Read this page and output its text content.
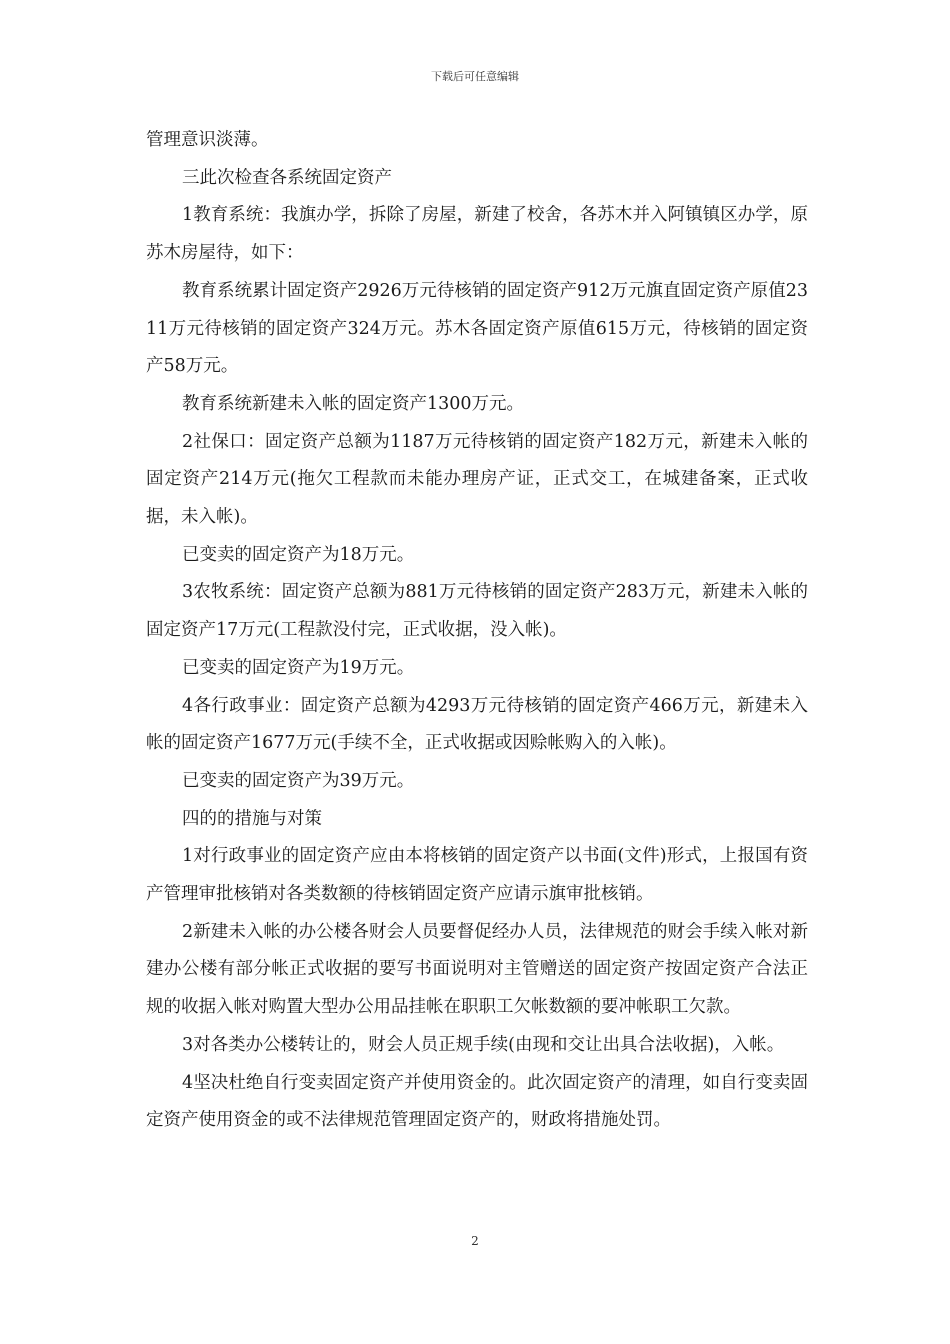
下载后可任意编辑

管理意识淡薄。

三此次检查各系统固定资产

1教育系统：我旗办学，拆除了房屋，新建了校舍，各苏木并入阿镇镇区办学，原苏木房屋待，如下：

教育系统累计固定资产2926万元待核销的固定资产912万元旗直固定资产原值2311万元待核销的固定资产324万元。苏木各固定资产原值615万元，待核销的固定资产58万元。

教育系统新建未入帐的固定资产1300万元。

2社保口：固定资产总额为1187万元待核销的固定资产182万元，新建未入帐的固定资产214万元(拖欠工程款而未能办理房产证，正式交工，在城建备案，正式收据，未入帐)。

已变卖的固定资产为18万元。

3农牧系统：固定资产总额为881万元待核销的固定资产283万元，新建未入帐的固定资产17万元(工程款没付完，正式收据，没入帐)。

已变卖的固定资产为19万元。

4各行政事业：固定资产总额为4293万元待核销的固定资产466万元，新建未入帐的固定资产1677万元(手续不全，正式收据或因赊帐购入的入帐)。

已变卖的固定资产为39万元。

四的的措施与对策

1对行政事业的固定资产应由本将核销的固定资产以书面(文件)形式，上报国有资产管理审批核销对各类数额的待核销固定资产应请示旗审批核销。

2新建未入帐的办公楼各财会人员要督促经办人员，法律规范的财会手续入帐对新建办公楼有部分帐正式收据的要写书面说明对主管赠送的固定资产按固定资产合法正规的收据入帐对购置大型办公用品挂帐在职职工欠帐数额的要冲帐职工欠款。

3对各类办公楼转让的，财会人员正规手续(由现和交让出具合法收据)，入帐。

4坚决杜绝自行变卖固定资产并使用资金的。此次固定资产的清理，如自行变卖固定资产使用资金的或不法律规范管理固定资产的，财政将措施处罚。

2
